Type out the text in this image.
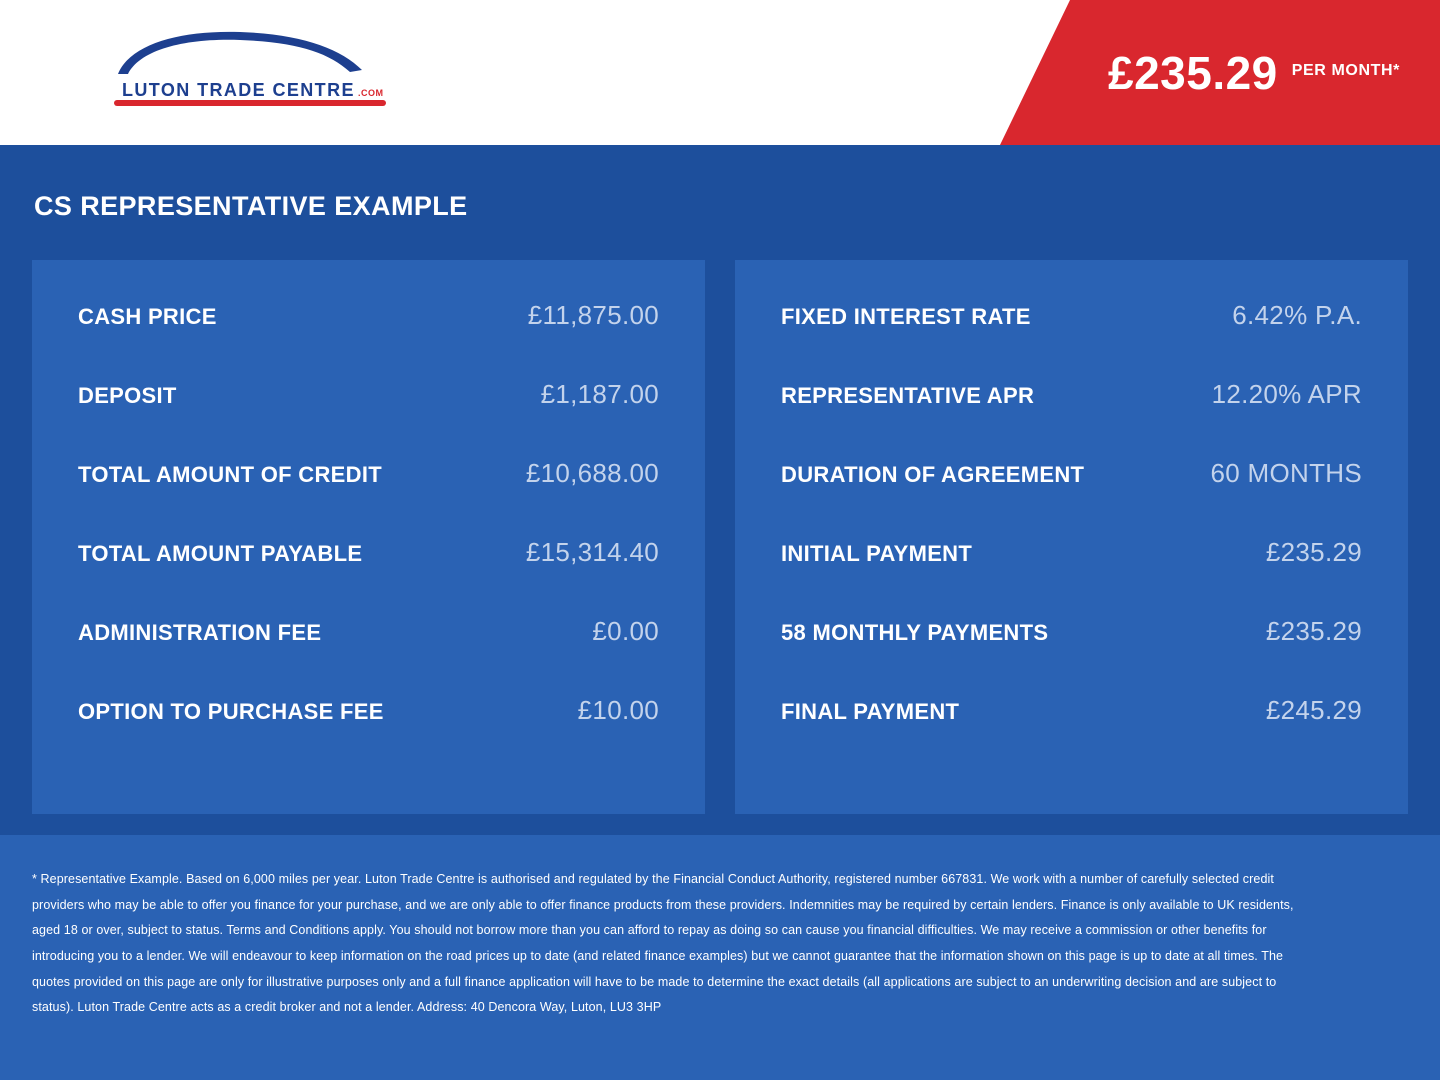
LUTON TRADE CENTRE .COM	£235.29 PER MONTH*
CS REPRESENTATIVE EXAMPLE
CASH PRICE	£11,875.00
DEPOSIT	£1,187.00
TOTAL AMOUNT OF CREDIT	£10,688.00
TOTAL AMOUNT PAYABLE	£15,314.40
ADMINISTRATION FEE	£0.00
OPTION TO PURCHASE FEE	£10.00
FIXED INTEREST RATE	6.42% P.A.
REPRESENTATIVE APR	12.20% APR
DURATION OF AGREEMENT	60 MONTHS
INITIAL PAYMENT	£235.29
58 MONTHLY PAYMENTS	£235.29
FINAL PAYMENT	£245.29

* Representative Example. Based on 6,000 miles per year. Luton Trade Centre is authorised and regulated by the Financial Conduct Authority, registered number 667831. We work with a number of carefully selected credit providers who may be able to offer you finance for your purchase, and we are only able to offer finance products from these providers. Indemnities may be required by certain lenders. Finance is only available to UK residents, aged 18 or over, subject to status. Terms and Conditions apply. You should not borrow more than you can afford to repay as doing so can cause you financial difficulties. We may receive a commission or other benefits for introducing you to a lender. We will endeavour to keep information on the road prices up to date (and related finance examples) but we cannot guarantee that the information shown on this page is up to date at all times. The quotes provided on this page are only for illustrative purposes only and a full finance application will have to be made to determine the exact details (all applications are subject to an underwriting decision and are subject to status). Luton Trade Centre acts as a credit broker and not a lender. Address: 40 Dencora Way, Luton, LU3 3HP
